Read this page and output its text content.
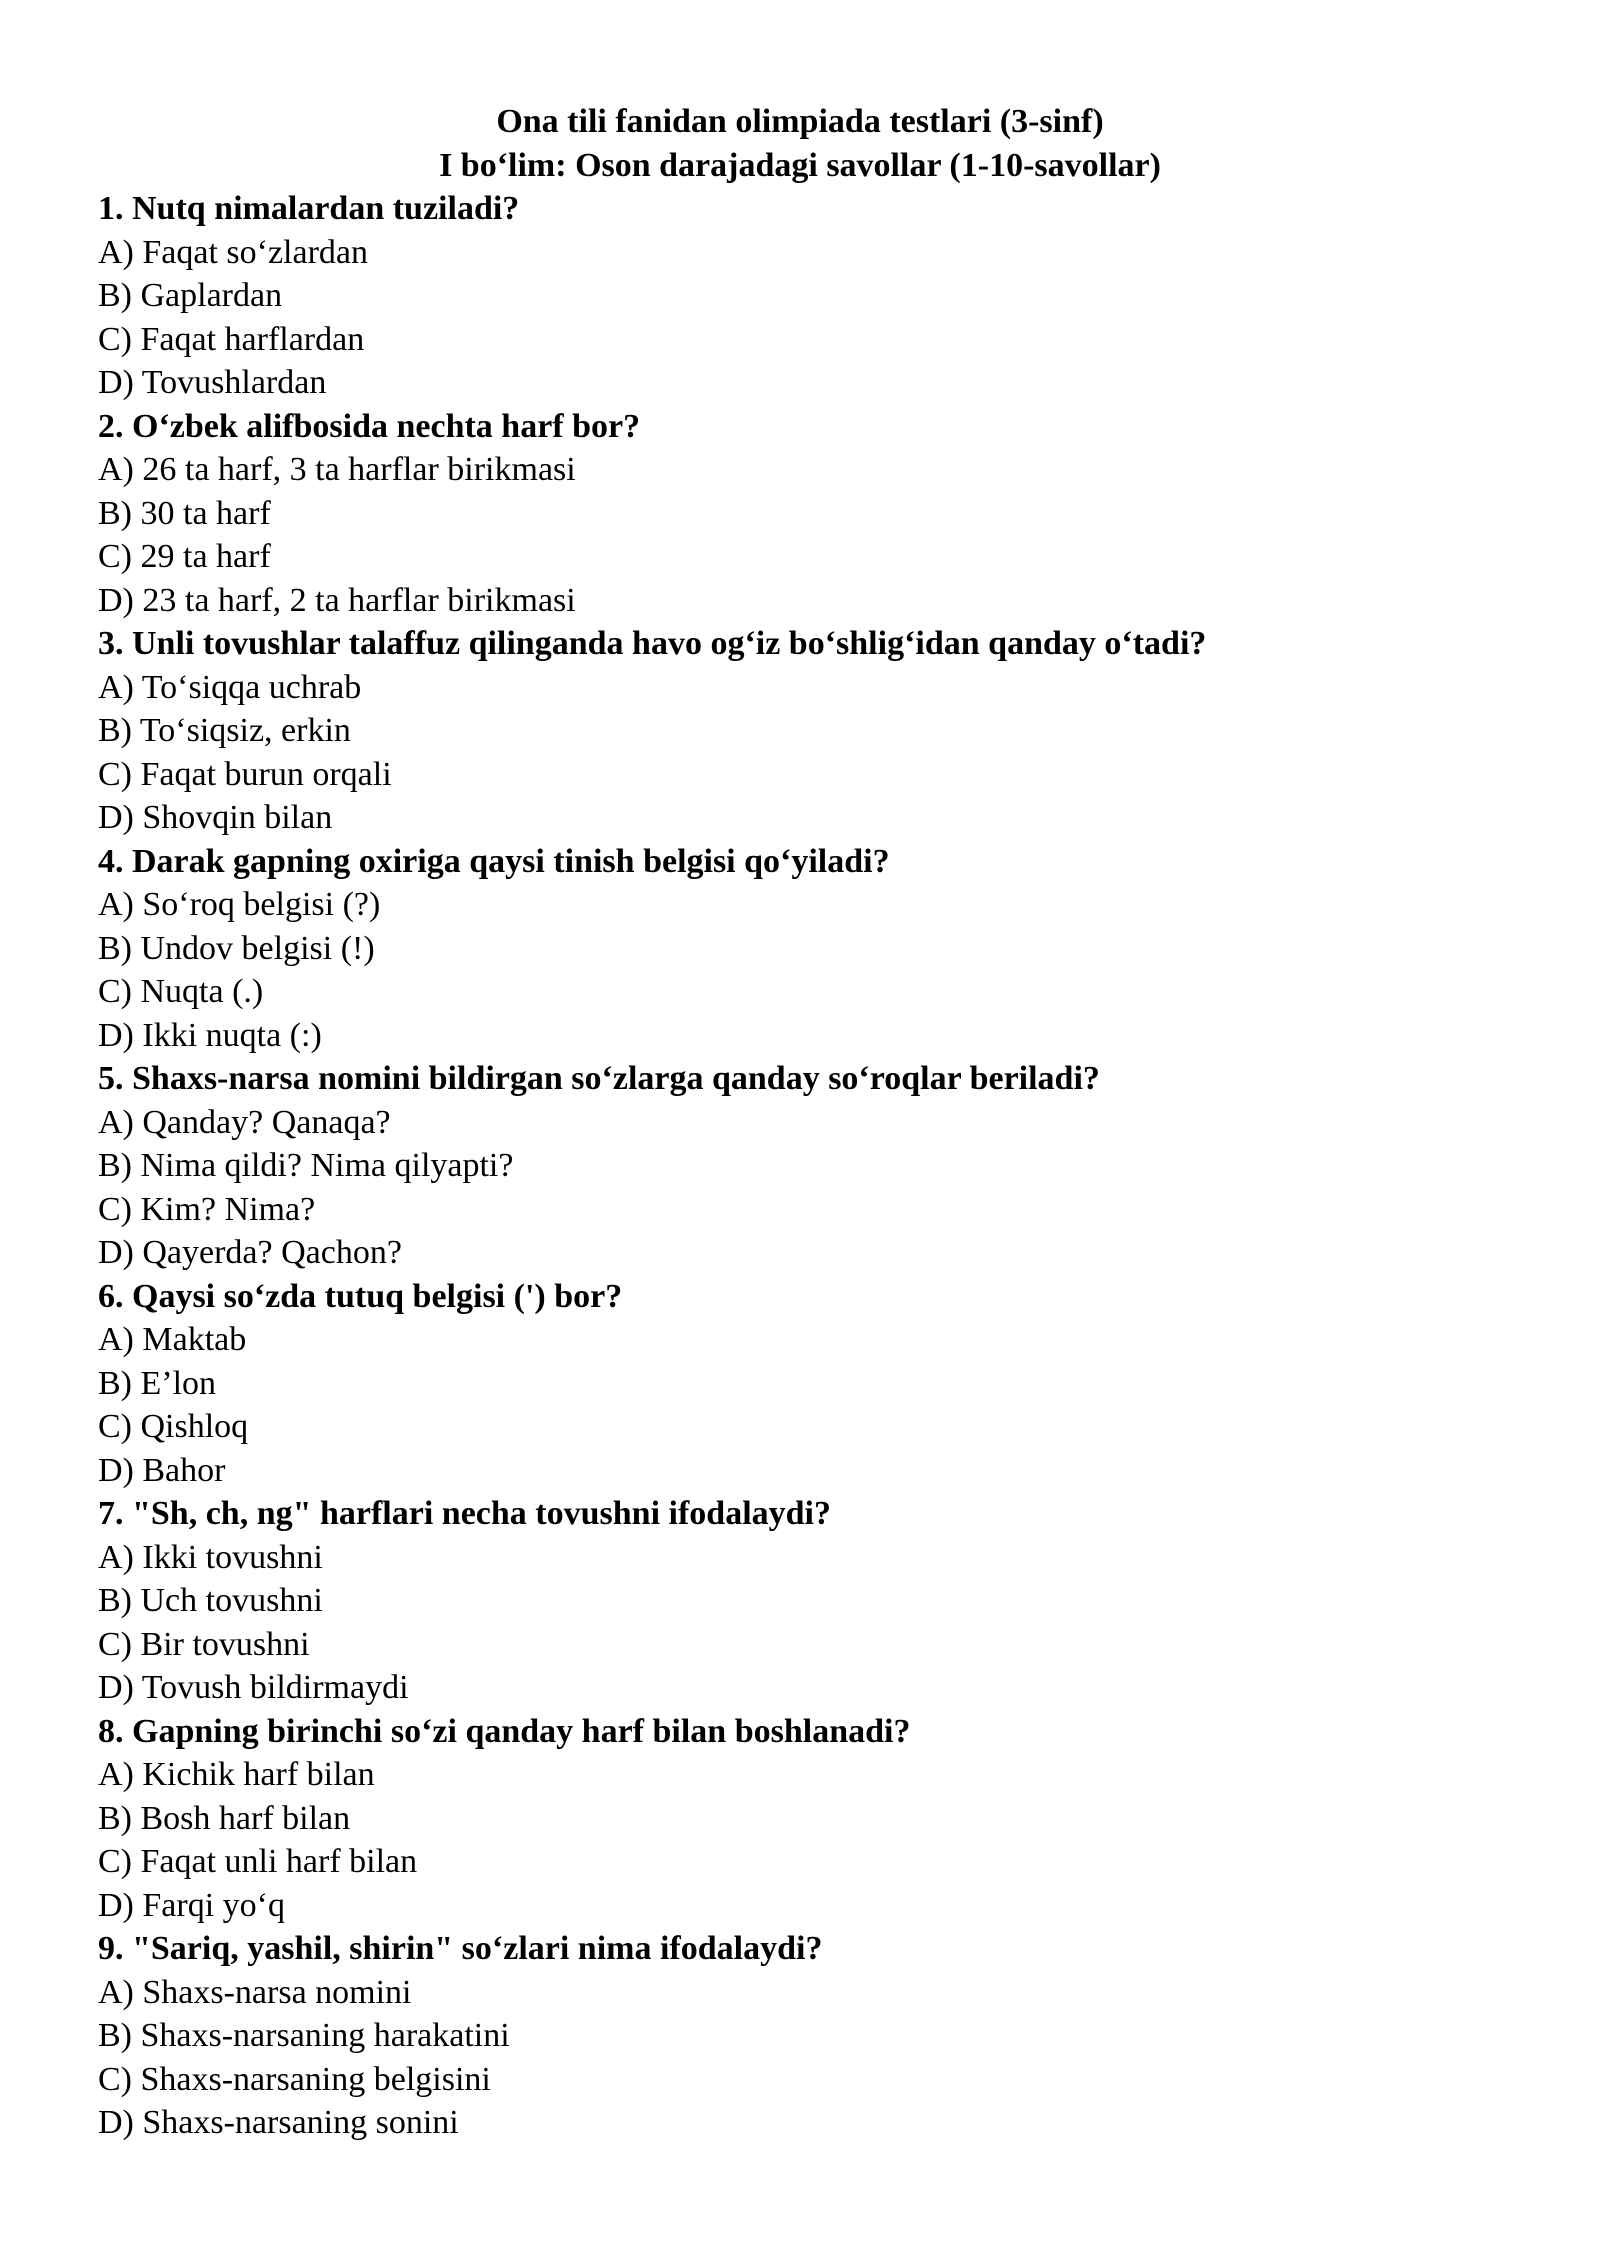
Ona tili fanidan olimpiada testlari (3-sinf)

I bo‘lim: Oson darajadagi savollar (1-10-savollar)

1. Nutq nimalardan tuziladi?

A) Faqat so‘zlardan

B) Gaplardan

C) Faqat harflardan

D) Tovushlardan

2. O‘zbek alifbosida nechta harf bor?

A) 26 ta harf, 3 ta harflar birikmasi

B) 30 ta harf

C) 29 ta harf

D) 23 ta harf, 2 ta harflar birikmasi

3. Unli tovushlar talaffuz qilinganda havo og‘iz bo‘shlig‘idan qanday o‘tadi?

A) To‘siqqa uchrab

B) To‘siqsiz, erkin

C) Faqat burun orqali

D) Shovqin bilan

4. Darak gapning oxiriga qaysi tinish belgisi qo‘yiladi?

A) So‘roq belgisi (?)

B) Undov belgisi (!)

C) Nuqta (.)

D) Ikki nuqta (:)

5. Shaxs-narsa nomini bildirgan so‘zlarga qanday so‘roqlar beriladi?

A) Qanday? Qanaqa?

B) Nima qildi? Nima qilyapti?

C) Kim? Nima?

D) Qayerda? Qachon?

6. Qaysi so‘zda tutuq belgisi (') bor?

A) Maktab

B) E’lon

C) Qishloq

D) Bahor

7. "Sh, ch, ng" harflari necha tovushni ifodalaydi?

A) Ikki tovushni

B) Uch tovushni

C) Bir tovushni

D) Tovush bildirmaydi

8. Gapning birinchi so‘zi qanday harf bilan boshlanadi?

A) Kichik harf bilan

B) Bosh harf bilan

C) Faqat unli harf bilan

D) Farqi yo‘q

9. "Sariq, yashil, shirin" so‘zlari nima ifodalaydi?

A) Shaxs-narsa nomini

B) Shaxs-narsaning harakatini

C) Shaxs-narsaning belgisini

D) Shaxs-narsaning sonini
